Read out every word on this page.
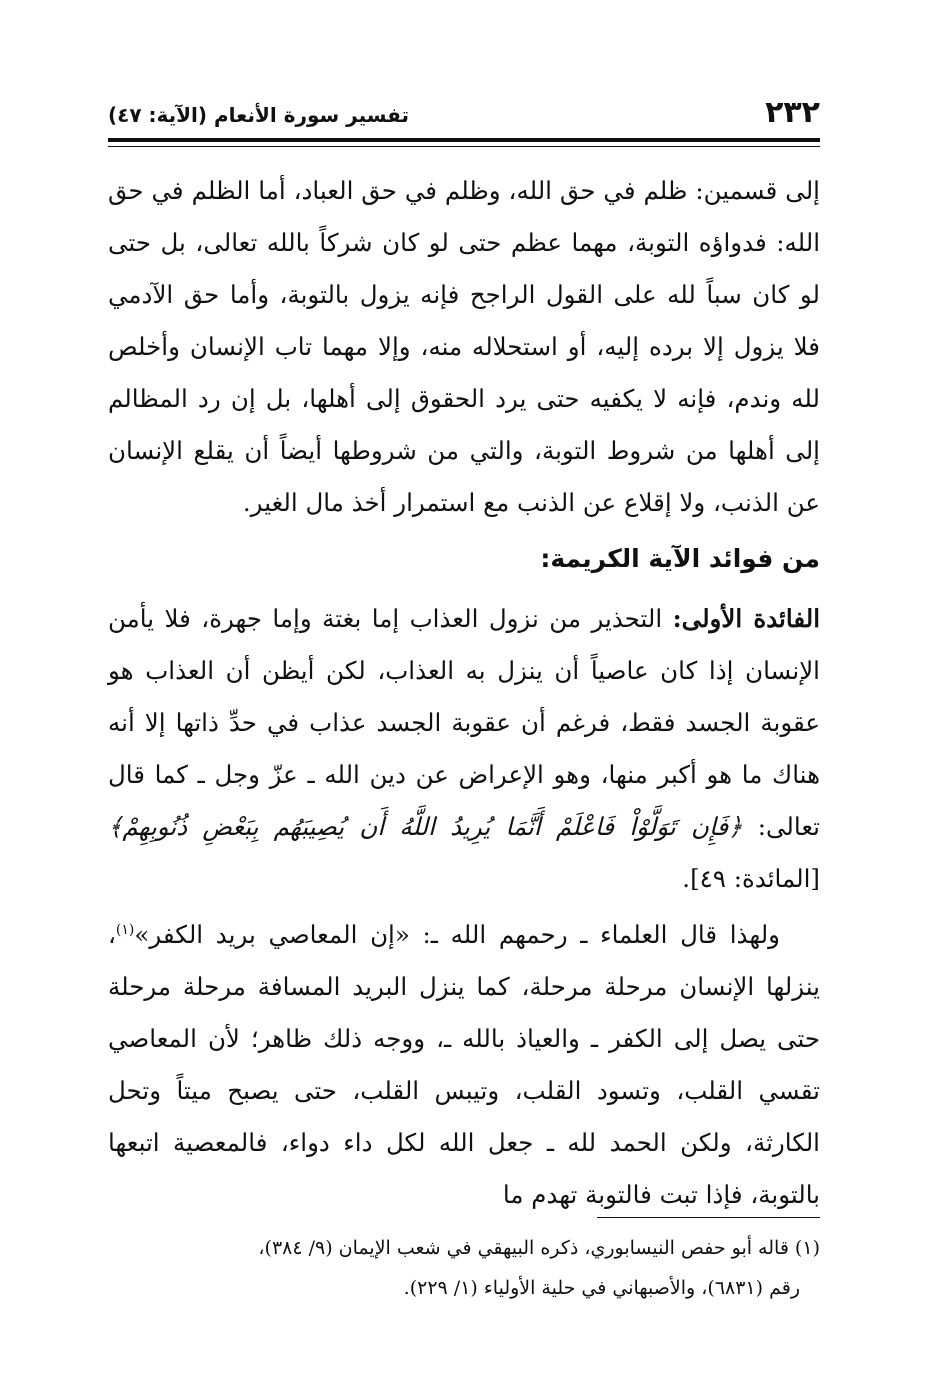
٢٣٢
تفسير سورة الأنعام (الآية: ٤٧)

إلى قسمين: ظلم في حق الله، وظلم في حق العباد، أما الظلم في حق الله: فدواؤه التوبة، مهما عظم حتى لو كان شركاً بالله تعالى، بل حتى لو كان سباً لله على القول الراجح فإنه يزول بالتوبة، وأما حق الآدمي فلا يزول إلا برده إليه، أو استحلاله منه، وإلا مهما تاب الإنسان وأخلص لله وندم، فإنه لا يكفيه حتى يرد الحقوق إلى أهلها، بل إن رد المظالم إلى أهلها من شروط التوبة، والتي من شروطها أيضاً أن يقلع الإنسان عن الذنب، ولا إقلاع عن الذنب مع استمرار أخذ مال الغير.

من فوائد الآية الكريمة:

الفائدة الأولى: التحذير من نزول العذاب إما بغتة وإما جهرة، فلا يأمن الإنسان إذا كان عاصياً أن ينزل به العذاب، لكن أيظن أن العذاب هو عقوبة الجسد فقط، فرغم أن عقوبة الجسد عذاب في حدِّ ذاتها إلا أنه هناك ما هو أكبر منها، وهو الإعراض عن دين الله ـ عزّ وجل ـ كما قال تعالى: ﴿فَإِن تَوَلَّوْاْ فَاعْلَمْ أَنَّمَا يُرِيدُ اللَّهُ أَن يُصِيبَهُم بِبَعْضِ ذُنُوبِهِمْ﴾ [المائدة: ٤٩].

ولهذا قال العلماء ـ رحمهم الله ـ: «إن المعاصي بريد الكفر»$^{(١)}$، ينزلها الإنسان مرحلة مرحلة، كما ينزل البريد المسافة مرحلة مرحلة حتى يصل إلى الكفر ـ والعياذ بالله ـ، ووجه ذلك ظاهر؛ لأن المعاصي تقسي القلب، وتسود القلب، وتيبس القلب، حتى يصبح ميتاً وتحل الكارثة، ولكن الحمد لله ـ جعل الله لكل داء دواء، فالمعصية اتبعها بالتوبة، فإذا تبت فالتوبة تهدم ما

(١) قاله أبو حفص النيسابوري، ذكره البيهقي في شعب الإيمان (٩/ ٣٨٤)،

رقم (٦٨٣١)، والأصبهاني في حلية الأولياء (١/ ٢٢٩).
